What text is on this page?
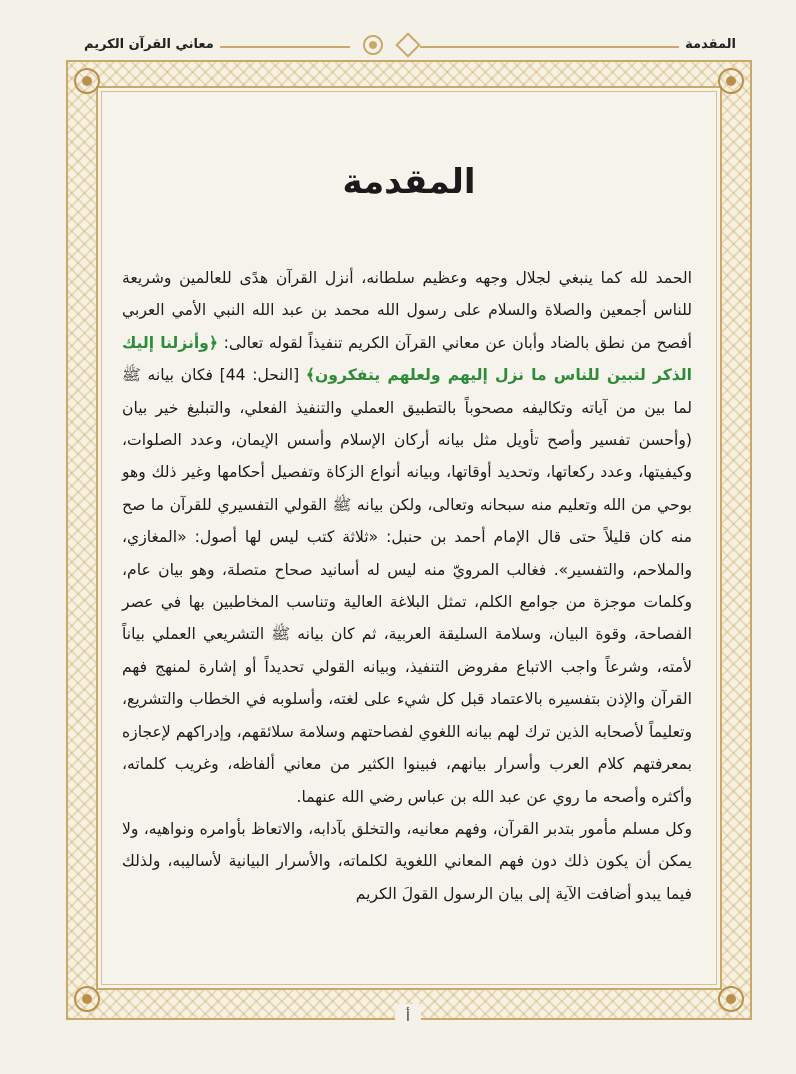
معاني القرآن الكريم	المقدمة
المقدمة

الحمد لله كما ينبغي لجلال وجهه وعظيم سلطانه، أنزل القرآن هدًى للعالمين وشريعة للناس أجمعين والصلاة والسلام على رسول الله محمد بن عبد الله النبي الأمي العربي أفصح من نطق بالضاد وأبان عن معاني القرآن الكريم تنفيذاً لقوله تعالى: ﴿وأنزلنا إليك الذكر لتبين للناس ما نزل إليهم ولعلهم يتفكرون﴾ [النحل: 44] فكان بيانه ﷺ لما بين من آياته وتكاليفه مصحوباً بالتطبيق العملي والتنفيذ الفعلي، والتبليغ خير بيان (وأحسن تفسير وأصح تأويل مثل بيانه أركان الإسلام وأسس الإيمان، وعدد الصلوات، وكيفيتها، وعدد ركعاتها، وتحديد أوقاتها، وبيانه أنواع الزكاة وتفصيل أحكامها وغير ذلك وهو بوحي من الله وتعليم منه سبحانه وتعالى، ولكن بيانه ﷺ القولي التفسيري للقرآن ما صح منه كان قليلاً حتى قال الإمام أحمد بن حنبل: «ثلاثة كتب ليس لها أصول: «المغازي، والملاحم، والتفسير». فغالب المرويّ منه ليس له أسانيد صحاح متصلة، وهو بيان عام، وكلمات موجزة من جوامع الكلم، تمثل البلاغة العالية وتناسب المخاطبين بها في عصر الفصاحة، وقوة البيان، وسلامة السليقة العربية، ثم كان بيانه ﷺ التشريعي العملي بياناً لأمته، وشرعاً واجب الاتباع مفروض التنفيذ، وبيانه القولي تحديداً أو إشارة لمنهج فهم القرآن والإذن بتفسيره بالاعتماد قبل كل شيء على لغته، وأسلوبه في الخطاب والتشريع، وتعليماً لأصحابه الذين ترك لهم بيانه اللغوي لفصاحتهم وسلامة سلائقهم، وإدراكهم لإعجازه بمعرفتهم كلام العرب وأسرار بيانهم، فبينوا الكثير من معاني ألفاظه، وغريب كلماته، وأكثره وأصحه ما روي عن عبد الله بن عباس رضي الله عنهما.

وكل مسلم مأمور بتدبر القرآن، وفهم معانيه، والتخلق بآدابه، والاتعاظ بأوامره ونواهيه، ولا يمكن أن يكون ذلك دون فهم المعاني اللغوية لكلماته، والأسرار البيانية لأساليبه، ولذلك فيما يبدو أضافت الآية إلى بيان الرسول القولَ الكريم

أ
